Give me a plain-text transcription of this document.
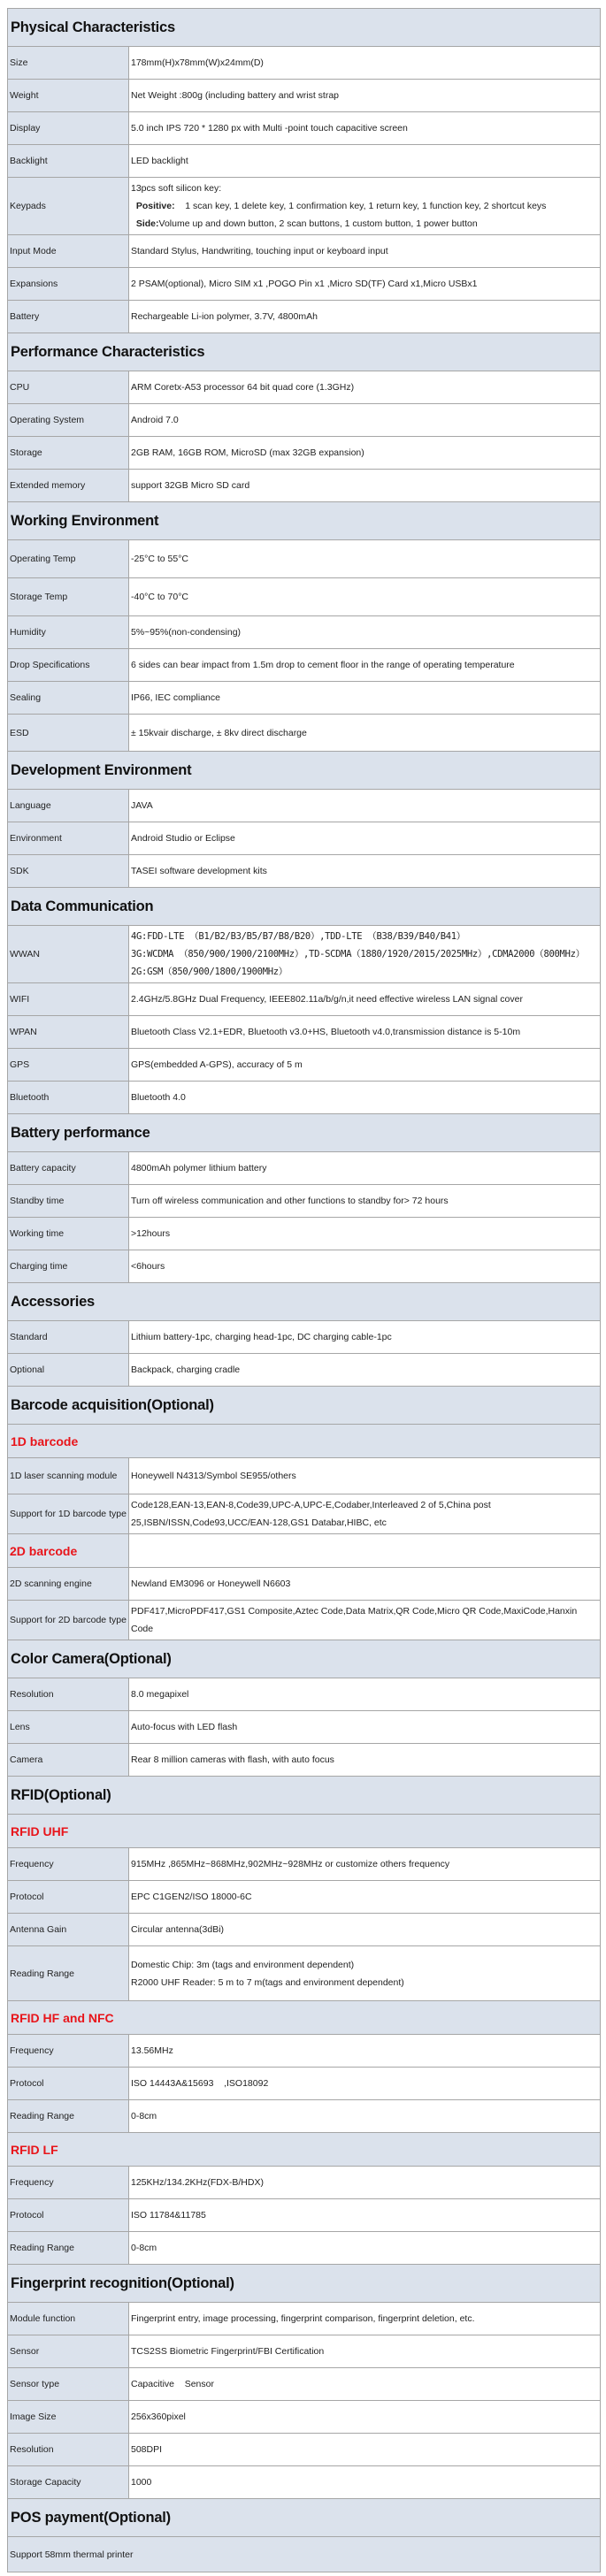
Physical Characteristics	
Size	178mm(H)x78mm(W)x24mm(D)
Weight	Net Weight :800g (including battery and wrist strap
Display	5.0 inch IPS 720 * 1280 px with Multi -point touch capacitive screen
Backlight	LED backlight
Keypads	13pcs soft silicon key:
Positive: 1 scan key, 1 delete key, 1 confirmation key, 1 return key, 1 function key, 2 shortcut keys
Side:Volume up and down button, 2 scan buttons, 1 custom button, 1 power button

Input Mode	Standard Stylus, Handwriting, touching input or keyboard input
Expansions	2 PSAM(optional), Micro SIM x1 ,POGO Pin x1 ,Micro SD(TF) Card x1,Micro USBx1
Battery	Rechargeable Li-ion polymer, 3.7V, 4800mAh
Performance Characteristics	
CPU	ARM Coretx-A53 processor 64 bit quad core (1.3GHz)
Operating System	Android 7.0
Storage	2GB RAM, 16GB ROM, MicroSD (max 32GB expansion)
Extended memory	support 32GB Micro SD card
Working Environment	
Operating Temp	-25°C to 55°C
Storage Temp	-40°C to 70°C
Humidity	5%~95%(non-condensing)
Drop Specifications	6 sides can bear impact from 1.5m drop to cement floor in the range of operating temperature
Sealing	IP66, IEC compliance
ESD	± 15kvair discharge, ± 8kv direct discharge
Development Environment	
Language	JAVA
Environment	Android Studio or Eclipse
SDK	TASEI software development kits
Data Communication	
WWAN	4G:FDD-LTE （B1/B2/B3/B5/B7/B8/B20）,TDD-LTE （B38/B39/B40/B41）
3G:WCDMA （850/900/1900/2100MHz）,TD-SCDMA（1880/1920/2015/2025MHz）,CDMA2000（800MHz）
2G:GSM（850/900/1800/1900MHz）

WIFI	2.4GHz/5.8GHz Dual Frequency, IEEE802.11a/b/g/n,it need effective wireless LAN signal cover
WPAN	Bluetooth Class V2.1+EDR, Bluetooth v3.0+HS, Bluetooth v4.0,transmission distance is 5-10m
GPS	GPS(embedded A-GPS), accuracy of 5 m
Bluetooth	Bluetooth 4.0
Battery performance	
Battery capacity	4800mAh polymer lithium battery
Standby time	Turn off wireless communication and other functions to standby for> 72 hours
Working time	>12hours
Charging time	<6hours
Accessories	
Standard	Lithium battery-1pc, charging head-1pc, DC charging cable-1pc
Optional	Backpack, charging cradle
Barcode acquisition(Optional)	
1D barcode	
1D laser scanning module	Honeywell N4313/Symbol SE955/others
Support for 1D barcode type	Code128,EAN-13,EAN-8,Code39,UPC-A,UPC-E,Codaber,Interleaved 2 of 5,China post 25,ISBN/ISSN,Code93,UCC/EAN-128,GS1 Databar,HIBC, etc
2D barcode	
2D scanning engine	Newland EM3096 or Honeywell N6603
Support for 2D barcode type	PDF417,MicroPDF417,GS1 Composite,Aztec Code,Data Matrix,QR Code,Micro QR Code,MaxiCode,Hanxin Code
Color Camera(Optional)	
Resolution	8.0 megapixel
Lens	Auto-focus with LED flash
Camera	Rear 8 million cameras with flash, with auto focus
RFID(Optional)	
RFID UHF	
Frequency	915MHz ,865MHz~868MHz,902MHz~928MHz or customize others frequency
Protocol	EPC C1GEN2/ISO 18000-6C
Antenna Gain	Circular antenna(3dBi)
Reading Range	Domestic Chip: 3m (tags and environment dependent)
R2000 UHF Reader: 5 m to 7 m(tags and environment dependent)

RFID HF and NFC	
Frequency	13.56MHz
Protocol	ISO 14443A&15693    ,ISO18092
Reading Range	0-8cm
RFID LF	
Frequency	125KHz/134.2KHz(FDX-B/HDX)
Protocol	ISO 11784&11785
Reading Range	0-8cm
Fingerprint recognition(Optional)	
Module function	Fingerprint entry, image processing, fingerprint comparison, fingerprint deletion, etc.
Sensor	TCS2SS Biometric Fingerprint/FBI Certification
Sensor type	Capacitive    Sensor
Image Size	256x360pixel
Resolution	508DPI
Storage Capacity	1000
POS payment(Optional)	
Support 58mm thermal printer	
